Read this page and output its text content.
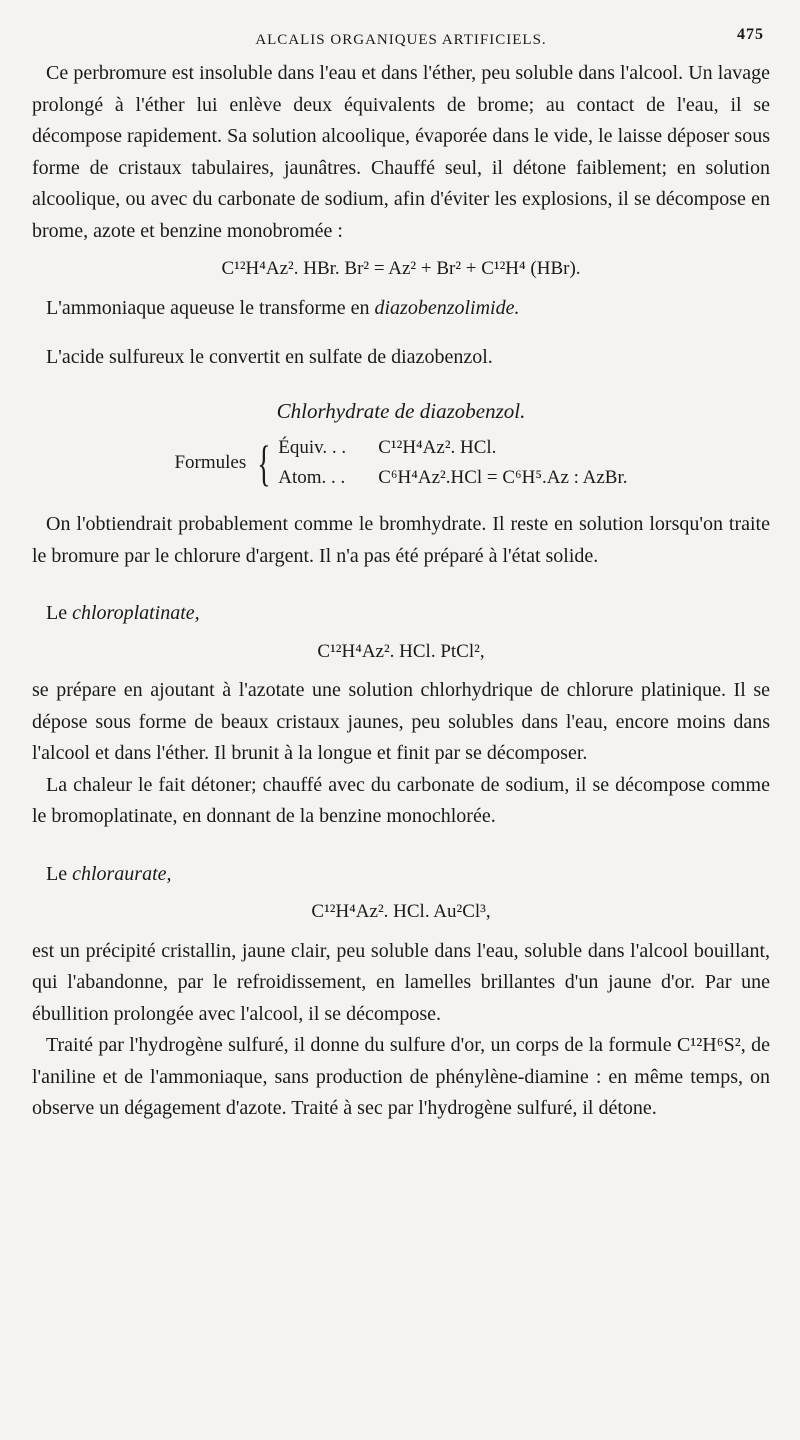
ALCALIS ORGANIQUES ARTIFICIELS.	475

Ce perbromure est insoluble dans l'eau et dans l'éther, peu soluble dans l'alcool. Un lavage prolongé à l'éther lui enlève deux équivalents de brome; au contact de l'eau, il se décompose rapidement. Sa solution alcoolique, évaporée dans le vide, le laisse déposer sous forme de cristaux tabulaires, jaunâtres. Chauffé seul, il détone faiblement; en solution alcoolique, ou avec du carbonate de sodium, afin d'éviter les explosions, il se décompose en brome, azote et benzine monobromée :

C¹²H⁴Az². HBr. Br² = Az² + Br² + C¹²H⁴ (HBr).

L'ammoniaque aqueuse le transforme en diazobenzolimide.

L'acide sulfureux le convertit en sulfate de diazobenzol.

Chlorhydrate de diazobenzol.

Formules { Équiv. . . C¹²H⁴Az². HCl.
Atom. . . C⁶H⁴Az².HCl = C⁶H⁵.Az : AzBr.

On l'obtiendrait probablement comme le bromhydrate. Il reste en solution lorsqu'on traite le bromure par le chlorure d'argent. Il n'a pas été préparé à l'état solide.

Le chloroplatinate,

C¹²H⁴Az². HCl. PtCl²,

se prépare en ajoutant à l'azotate une solution chlorhydrique de chlorure platinique. Il se dépose sous forme de beaux cristaux jaunes, peu solubles dans l'eau, encore moins dans l'alcool et dans l'éther. Il brunit à la longue et finit par se décomposer.

La chaleur le fait détoner; chauffé avec du carbonate de sodium, il se décompose comme le bromoplatinate, en donnant de la benzine monochlorée.

Le chloraurate,

C¹²H⁴Az². HCl. Au²Cl³,

est un précipité cristallin, jaune clair, peu soluble dans l'eau, soluble dans l'alcool bouillant, qui l'abandonne, par le refroidissement, en lamelles brillantes d'un jaune d'or. Par une ébullition prolongée avec l'alcool, il se décompose.

Traité par l'hydrogène sulfuré, il donne du sulfure d'or, un corps de la formule C¹²H⁶S², de l'aniline et de l'ammoniaque, sans production de phénylène-diamine : en même temps, on observe un dégagement d'azote. Traité à sec par l'hydrogène sulfuré, il détone.
